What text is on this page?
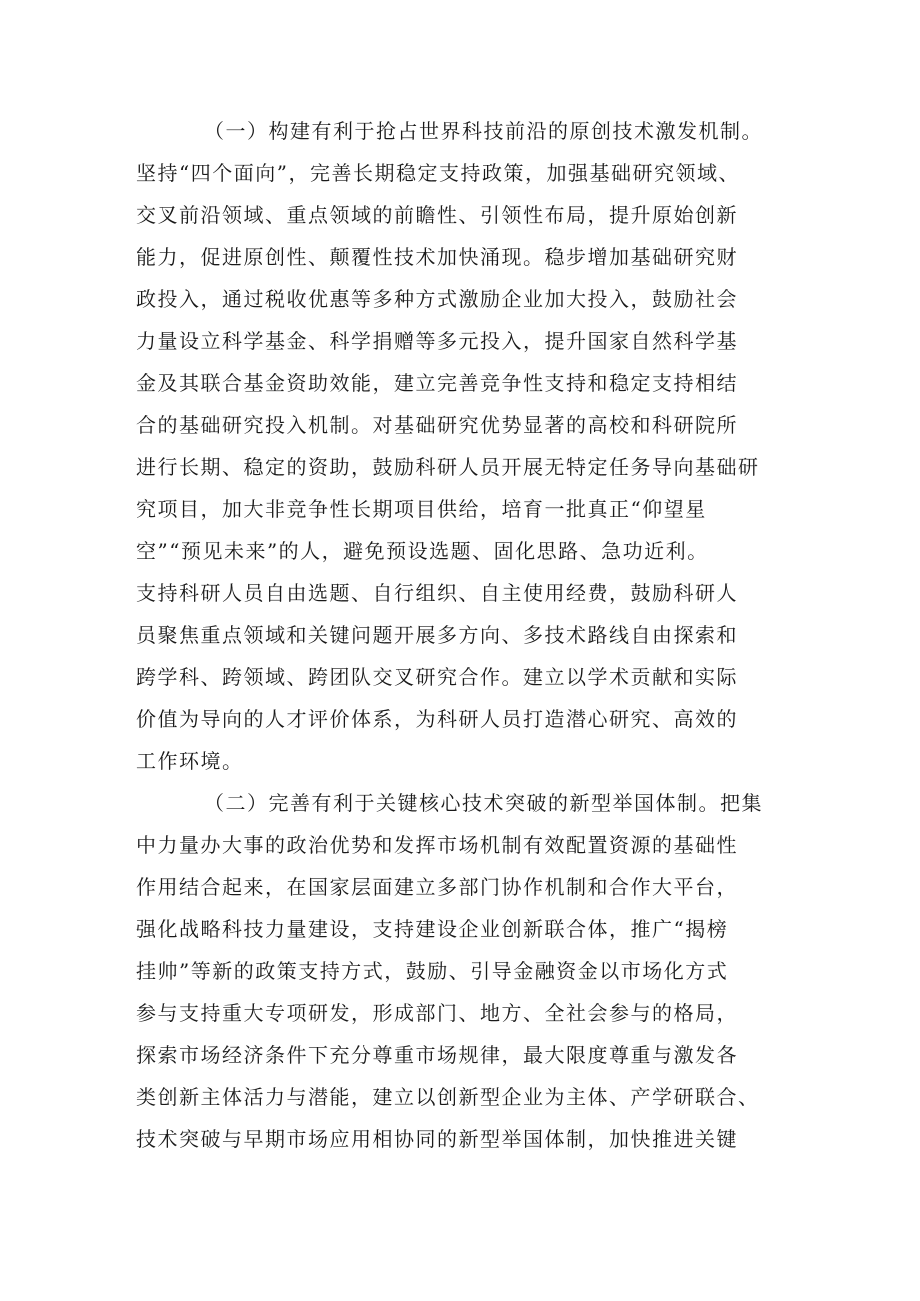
（一）构建有利于抢占世界科技前沿的原创技术激发机制。
坚持“四个面向”，完善长期稳定支持政策，加强基础研究领域、
交叉前沿领域、重点领域的前瞻性、引领性布局，提升原始创新
能力，促进原创性、颠覆性技术加快涌现。稳步增加基础研究财
政投入，通过税收优惠等多种方式激励企业加大投入，鼓励社会
力量设立科学基金、科学捐赠等多元投入，提升国家自然科学基
金及其联合基金资助效能，建立完善竞争性支持和稳定支持相结
合的基础研究投入机制。对基础研究优势显著的高校和科研院所
进行长期、稳定的资助，鼓励科研人员开展无特定任务导向基础研
究项目，加大非竞争性长期项目供给，培育一批真正“仰望星
空”“预见未来”的人，避免预设选题、固化思路、急功近利。
支持科研人员自由选题、自行组织、自主使用经费，鼓励科研人
员聚焦重点领域和关键问题开展多方向、多技术路线自由探索和
跨学科、跨领域、跨团队交叉研究合作。建立以学术贡献和实际
价值为导向的人才评价体系，为科研人员打造潜心研究、高效的
工作环境。
（二）完善有利于关键核心技术突破的新型举国体制。把集
中力量办大事的政治优势和发挥市场机制有效配置资源的基础性
作用结合起来，在国家层面建立多部门协作机制和合作大平台，
强化战略科技力量建设，支持建设企业创新联合体，推广“揭榜
挂帅”等新的政策支持方式，鼓励、引导金融资金以市场化方式
参与支持重大专项研发，形成部门、地方、全社会参与的格局，
探索市场经济条件下充分尊重市场规律，最大限度尊重与激发各
类创新主体活力与潜能，建立以创新型企业为主体、产学研联合、
技术突破与早期市场应用相协同的新型举国体制，加快推进关键
